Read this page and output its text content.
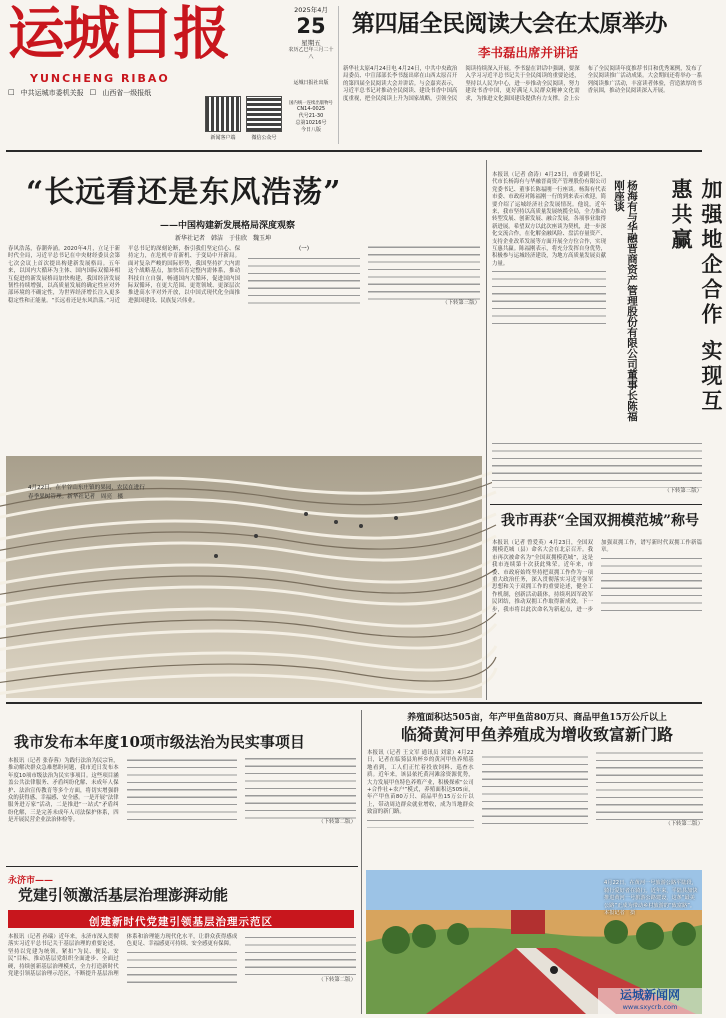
运城日报
YUNCHENG RIBAO
□ 中共运城市委机关报 □ 山西省一级报纸
2025年4月
25
星期五
农历乙巳年三月二十八
运城日报社出版
国内统一连续出版物号
CN14-0025
代号21-30
总第10216号
今日八版
新闻客户端	微信公众号
第四届全民阅读大会在太原举办
李书磊出席并讲话
新华社太原4月24日电 4月24日，中共中央政治局委员、中宣部部长李书磊出席在山西太原召开的第四届全民阅读大会并讲话。与会嘉宾表示，习近平总书记对推动全民阅读、建设书香中国高度重视，把全民阅读上升为国家战略，引领全民阅读持续深入开展。李书磊在讲话中强调，要深入学习习近平总书记关于全民阅读的重要论述，坚持以人民为中心，进一步推动全民阅读，努力建设书香中国，更好满足人民群众精神文化需求，为推进文化强国建设提供有力支撑。会上公布了全民阅读年度推荐书目和优秀案例，发布了全民阅读推广活动成果。大会期间还将举办一系列阅读推广活动，丰富读者体验，营造浓厚的书香氛围，推动全民阅读深入开展。
“长远看还是东风浩荡”
——中国构建新发展格局深度观察
新华社记者　韩洁　于佳欣　魏玉坤
春风浩荡，春潮奔涌。2020年4月，立足于新时代全局，习近平总书记在中央财经委员会第七次会议上首次提出构建新发展格局。五年来，以国内大循环为主体、国内国际双循环相互促进的新发展格局加快构建，我国经济发展韧性持续增强，以高质量发展的确定性应对外部环境的不确定性，为世界经济增长注入更多稳定性和正能量。“长远看还是东风浩荡。”习近平总书记的深刻论断，指引我们坚定信心、保持定力，在危机中育新机、于变局中开新局。面对复杂严峻的国际形势，我国坚持扩大内需这个战略基点，加快培育完整内需体系，推动科技自立自强，畅通国内大循环，促进国内国际双循环，在更大范围、更宽领域、更深层次推进高水平对外开放，以中国式现代化全面推进强国建设、民族复兴伟业。
（一）
（下转第三版）
4月22日，在平谷山东庄镇的果园，农民在进行春季果树管理。新华社记者　周亮　摄
加强地企合作 实现互惠共赢
杨海有与华融晋商资产管理股份有限公司董事长陈福刚座谈
本报讯（记者 俞涛）4月23日，市委副书记、代市长杨海有与华融晋商资产管理股份有限公司党委书记、董事长陈福刚一行座谈。杨海有代表市委、市政府对陈福刚一行的到来表示欢迎，简要介绍了运城经济社会发展情况。他说，近年来，我市坚持以高质量发展统揽全局，全力推动转型发展、创新发展、融合发展，各项事业取得新进展。希望双方以此次座谈为契机，进一步深化交流合作，在化解金融风险、盘活存量资产、支持企业改革发展等方面开展全方位合作，实现互惠共赢。陈福刚表示，将充分发挥自身优势，积极参与运城经济建设，为地方高质量发展贡献力量。
（下转第三版）
我市再获“全国双拥模范城”称号
本报讯（记者 曾爱英）4月23日，全国双拥模范城（县）命名大会在北京召开。我市再次被命名为“全国双拥模范城”，这是我市连续第十次获此殊荣。近年来，市委、市政府始终坚持把双拥工作作为一项重大政治任务，深入贯彻落实习近平强军思想和关于双拥工作的重要论述，健全工作机制，创新活动载体，持续巩固军政军民团结，推动双拥工作取得新成效。下一步，我市将以此次命名为新起点，进一步加强双拥工作，谱写新时代双拥工作新篇章。
我市发布本年度10项市级法治为民实事项目
本报讯（记者 张春蓉）为践行法治为民宗旨，推动解决群众急难愁盼问题，我市近日发布本年度10项市级法治为民实事项目。这些项目涵盖公共法律服务、矛盾纠纷化解、未成年人保护、法治宣传教育等多个方面，将切实增强群众的获得感、幸福感、安全感。一是开展“法律服务进万家”活动，二是推进“一站式”矛盾纠纷化解，三是完善未成年人司法保护体系，四是开展民营企业法治体检等。	（下转第二版）
养殖面积达505亩，年产甲鱼苗80万只、商品甲鱼15万公斤以上
临猗黄河甲鱼养殖成为增收致富新门路
本报讯（记者 王文军 通讯员 刘蒙）4月22日，记者在临猗县角杯乡的黄河甲鱼养殖基地看到，工人们正忙着投放饲料、巡查水质。近年来，该县依托黄河滩涂资源优势，大力发展甲鱼特色养殖产业，积极探索“公司+合作社+农户”模式，养殖面积达505亩，年产甲鱼苗80万只、商品甲鱼15万公斤以上，带动周边群众就业增收，成为当地群众致富的新门路。
（下转第二版）
4月22日，在黄河一号旅游公路平陆段，骑行爱好者在骑行。近年来，平陆县加快推进黄河一号旅游公路建设，这条“最美公路”正成为带动乡村旅游的“致富路”。本报记者　摄
运城新闻网
www.sxycrb.com
永济市——
党建引领激活基层治理澎湃动能
创建新时代党建引领基层治理示范区
本报讯（记者 孙瑞）近年来，永济市深入贯彻落实习近平总书记关于基层治理的重要论述，坚持以党建为统领，紧扣“为民、便民、安民”目标，推动基层党组织全面进步、全面过硬，持续创新基层治理模式，全力打造新时代党建引领基层治理示范区，不断提升基层治理体系和治理能力现代化水平，让群众获得感成色更足、幸福感更可持续、安全感更有保障。
（下转第二版）
